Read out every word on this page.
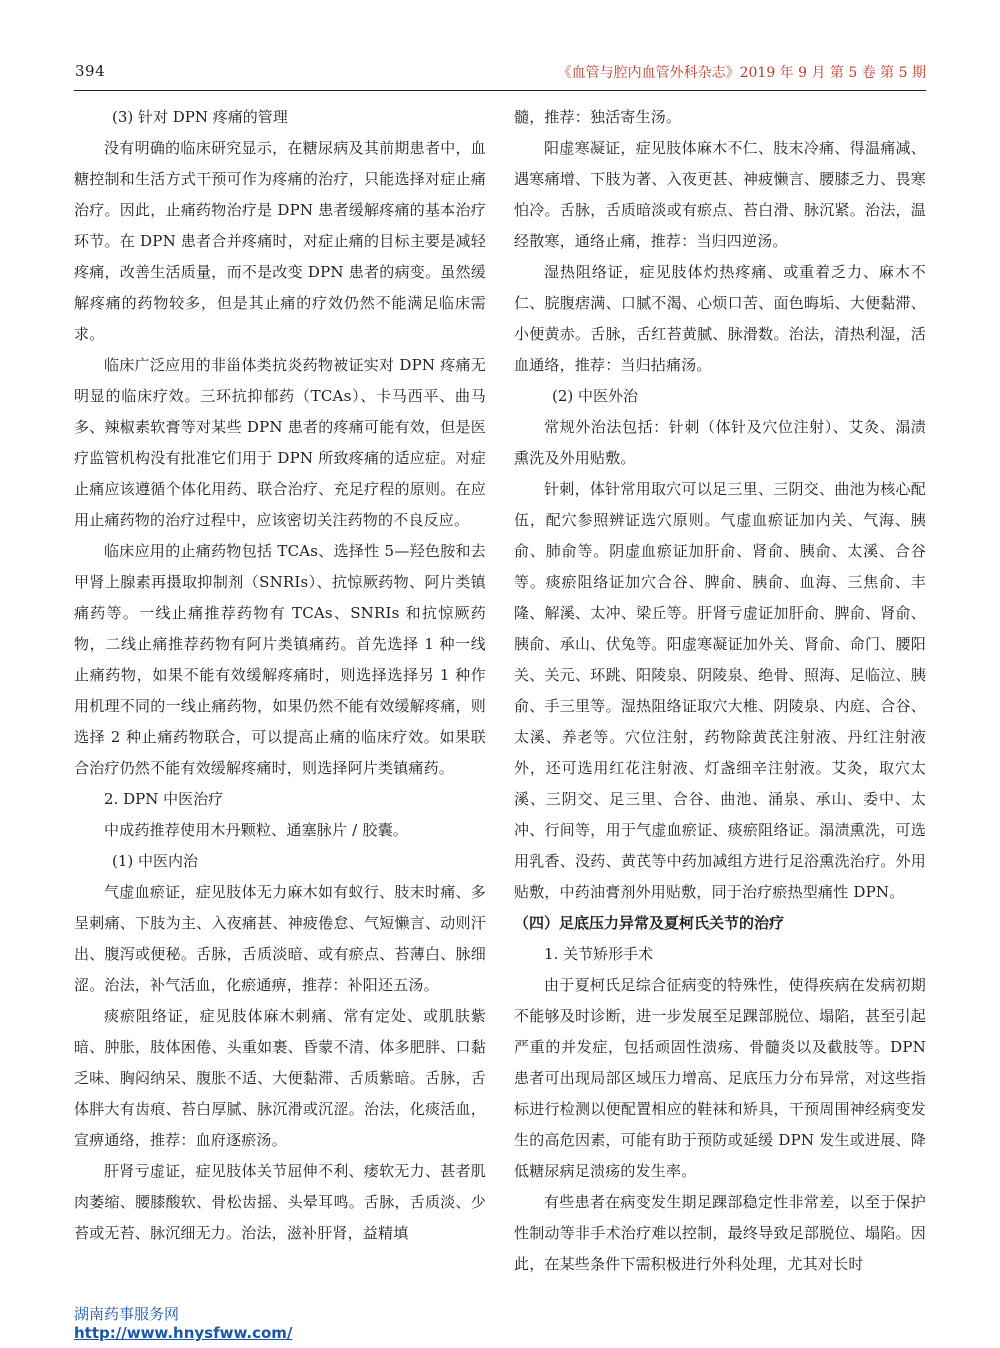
394	《血管与腔内血管外科杂志》2019 年 9 月 第 5 卷 第 5 期

(3) 针对 DPN 疼痛的管理

没有明确的临床研究显示，在糖尿病及其前期患者中，血糖控制和生活方式干预可作为疼痛的治疗，只能选择对症止痛治疗。因此，止痛药物治疗是 DPN 患者缓解疼痛的基本治疗环节。在 DPN 患者合并疼痛时，对症止痛的目标主要是减轻疼痛，改善生活质量，而不是改变 DPN 患者的病变。虽然缓解疼痛的药物较多，但是其止痛的疗效仍然不能满足临床需求。

临床广泛应用的非甾体类抗炎药物被证实对 DPN 疼痛无明显的临床疗效。三环抗抑郁药（TCAs）、卡马西平、曲马多、辣椒素软膏等对某些 DPN 患者的疼痛可能有效，但是医疗监管机构没有批准它们用于 DPN 所致疼痛的适应症。对症止痛应该遵循个体化用药、联合治疗、充足疗程的原则。在应用止痛药物的治疗过程中，应该密切关注药物的不良反应。

临床应用的止痛药物包括 TCAs、选择性 5—羟色胺和去甲肾上腺素再摄取抑制剂（SNRIs）、抗惊厥药物、阿片类镇痛药等。一线止痛推荐药物有 TCAs、SNRIs 和抗惊厥药物，二线止痛推荐药物有阿片类镇痛药。首先选择 1 种一线止痛药物，如果不能有效缓解疼痛时，则选择选择另 1 种作用机理不同的一线止痛药物，如果仍然不能有效缓解疼痛，则选择 2 种止痛药物联合，可以提高止痛的临床疗效。如果联合治疗仍然不能有效缓解疼痛时，则选择阿片类镇痛药。

2. DPN 中医治疗

中成药推荐使用木丹颗粒、通塞脉片 / 胶囊。

(1) 中医内治

气虚血瘀证，症见肢体无力麻木如有蚁行、肢末时痛、多呈刺痛、下肢为主、入夜痛甚、神疲倦怠、气短懒言、动则汗出、腹泻或便秘。舌脉，舌质淡暗、或有瘀点、苔薄白、脉细涩。治法，补气活血，化瘀通痹，推荐：补阳还五汤。

痰瘀阻络证，症见肢体麻木刺痛、常有定处、或肌肤紫暗、肿胀，肢体困倦、头重如裹、昏蒙不清、体多肥胖、口黏乏味、胸闷纳呆、腹胀不适、大便黏滞、舌质紫暗。舌脉，舌体胖大有齿痕、苔白厚腻、脉沉滑或沉涩。治法，化痰活血，宣痹通络，推荐：血府逐瘀汤。

肝肾亏虚证，症见肢体关节屈伸不利、痿软无力、甚者肌肉萎缩、腰膝酸软、骨松齿摇、头晕耳鸣。舌脉，舌质淡、少苔或无苔、脉沉细无力。治法，滋补肝肾，益精填

髓，推荐：独活寄生汤。

阳虚寒凝证，症见肢体麻木不仁、肢末冷痛、得温痛减、遇寒痛增、下肢为著、入夜更甚、神疲懒言、腰膝乏力、畏寒怕冷。舌脉，舌质暗淡或有瘀点、苔白滑、脉沉紧。治法，温经散寒，通络止痛，推荐：当归四逆汤。

湿热阻络证，症见肢体灼热疼痛、或重着乏力、麻木不仁、脘腹痞满、口腻不渴、心烦口苦、面色晦垢、大便黏滞、小便黄赤。舌脉，舌红苔黄腻、脉滑数。治法，清热利湿，活血通络，推荐：当归拈痛汤。

(2) 中医外治

常规外治法包括：针刺（体针及穴位注射）、艾灸、溻渍熏洗及外用贴敷。

针刺，体针常用取穴可以足三里、三阴交、曲池为核心配伍，配穴参照辨证选穴原则。气虚血瘀证加内关、气海、胰俞、肺俞等。阴虚血瘀证加肝俞、肾俞、胰俞、太溪、合谷等。痰瘀阻络证加穴合谷、脾俞、胰俞、血海、三焦俞、丰隆、解溪、太冲、梁丘等。肝肾亏虚证加肝俞、脾俞、肾俞、胰俞、承山、伏兔等。阳虚寒凝证加外关、肾俞、命门、腰阳关、关元、环跳、阳陵泉、阴陵泉、绝骨、照海、足临泣、胰俞、手三里等。湿热阻络证取穴大椎、阴陵泉、内庭、合谷、太溪、养老等。穴位注射，药物除黄芪注射液、丹红注射液外，还可选用红花注射液、灯盏细辛注射液。艾灸，取穴太溪、三阴交、足三里、合谷、曲池、涌泉、承山、委中、太冲、行间等，用于气虚血瘀证、痰瘀阻络证。溻渍熏洗，可选用乳香、没药、黄芪等中药加减组方进行足浴熏洗治疗。外用贴敷，中药油膏剂外用贴敷，同于治疗瘀热型痛性 DPN。

（四）足底压力异常及夏柯氏关节的治疗

1. 关节矫形手术

由于夏柯氏足综合征病变的特殊性，使得疾病在发病初期不能够及时诊断，进一步发展至足踝部脱位、塌陷，甚至引起严重的并发症，包括顽固性溃疡、骨髓炎以及截肢等。DPN 患者可出现局部区域压力增高、足底压力分布异常，对这些指标进行检测以便配置相应的鞋袜和矫具，干预周围神经病变发生的高危因素，可能有助于预防或延缓 DPN 发生或进展、降低糖尿病足溃疡的发生率。

有些患者在病变发生期足踝部稳定性非常差，以至于保护性制动等非手术治疗难以控制，最终导致足部脱位、塌陷。因此，在某些条件下需积极进行外科处理，尤其对长时

湖南药事服务网
http://www.hnysfww.com/
